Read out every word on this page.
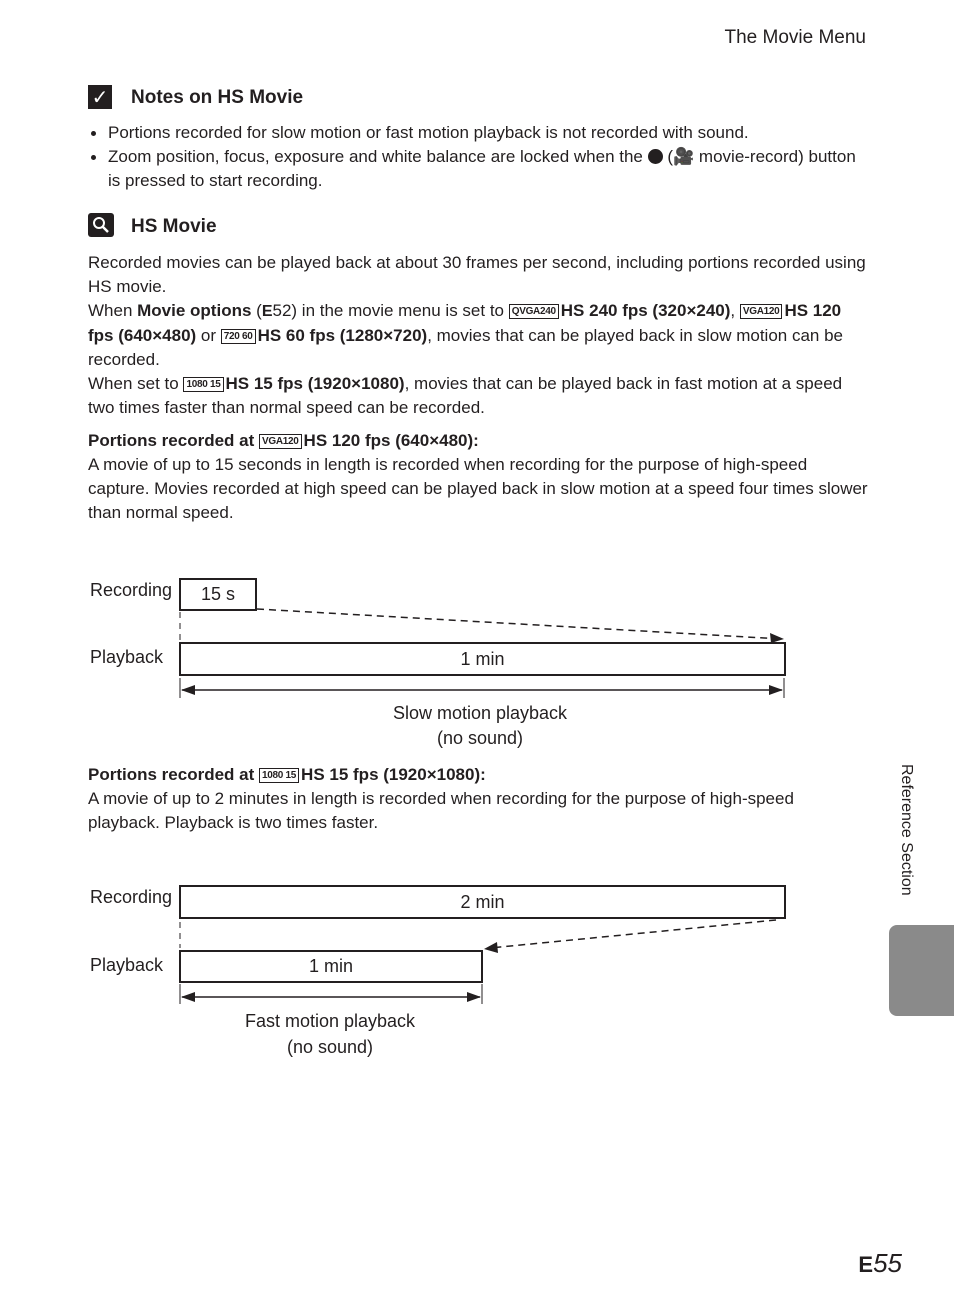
The Movie Menu
✓ Notes on HS Movie
Portions recorded for slow motion or fast motion playback is not recorded with sound.
Zoom position, focus, exposure and white balance are locked when the  (🎥 movie-record) button is pressed to start recording.
HS Movie
Recorded movies can be played back at about 30 frames per second, including portions recorded using HS movie.
When Movie options (E52) in the movie menu is set to QVGA240 HS 240 fps (320×240), VGA120 HS 120 fps (640×480) or 720 60 HS 60 fps (1280×720), movies that can be played back in slow motion can be recorded.
When set to 1080 15 HS 15 fps (1920×1080), movies that can be played back in fast motion at a speed two times faster than normal speed can be recorded.
Portions recorded at VGA120 HS 120 fps (640×480):
A movie of up to 15 seconds in length is recorded when recording for the purpose of high-speed capture. Movies recorded at high speed can be played back in slow motion at a speed four times slower than normal speed.
Recording	15 s
Playback	1 min
Slow motion playback
(no sound)
Portions recorded at 1080 15 HS 15 fps (1920×1080):
A movie of up to 2 minutes in length is recorded when recording for the purpose of high-speed playback. Playback is two times faster.
Recording	2 min
Playback	1 min
Fast motion playback
(no sound)
Reference Section
E55
